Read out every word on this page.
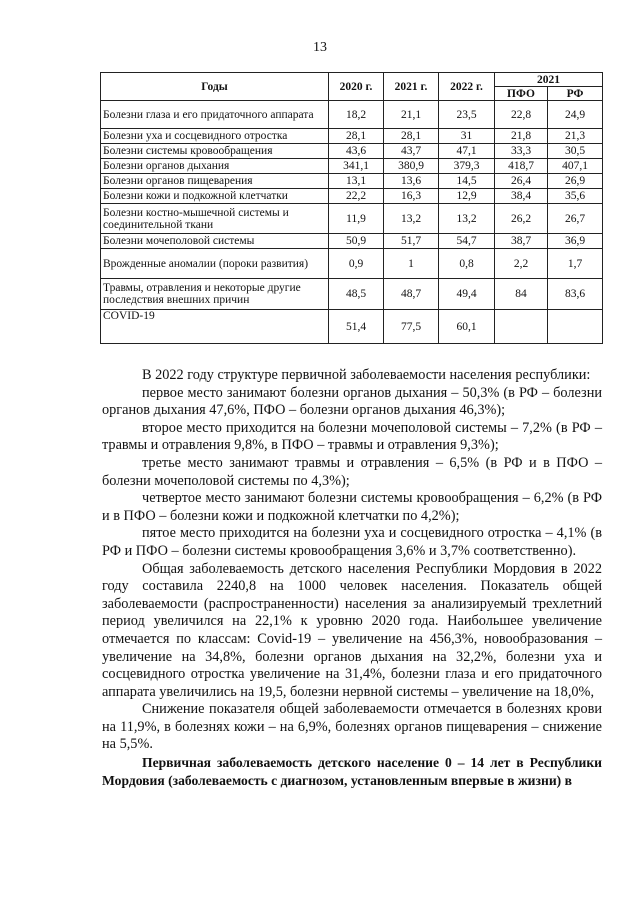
13
Годы	2020 г.	2021 г.	2022 г.	2021	
				ПФО	РФ
Болезни глаза и его придаточного аппарата	18,2	21,1	23,5	22,8	24,9
Болезни уха и сосцевидного отростка	28,1	28,1	31	21,8	21,3
Болезни системы кровообращения	43,6	43,7	47,1	33,3	30,5
Болезни органов дыхания	341,1	380,9	379,3	418,7	407,1
Болезни органов пищеварения	13,1	13,6	14,5	26,4	26,9
Болезни кожи и подкожной клетчатки	22,2	16,3	12,9	38,4	35,6
Болезни костно-мышечной системы и соединительной ткани	11,9	13,2	13,2	26,2	26,7
Болезни мочеполовой системы	50,9	51,7	54,7	38,7	36,9
Врожденные аномалии (пороки развития)	0,9	1	0,8	2,2	1,7
Травмы, отравления и некоторые другие последствия внешних причин	48,5	48,7	49,4	84	83,6
COVID-19	51,4	77,5	60,1		

В 2022 году структуре первичной заболеваемости населения республики:

первое место занимают болезни органов дыхания – 50,3% (в РФ – болезни органов дыхания 47,6%, ПФО – болезни органов дыхания 46,3%);

второе место приходится на болезни мочеполовой системы – 7,2% (в РФ – травмы и отравления 9,8%, в ПФО – травмы и отравления 9,3%);

третье место занимают травмы и отравления – 6,5% (в РФ и в ПФО – болезни мочеполовой системы по 4,3%);

четвертое место занимают болезни системы кровообращения – 6,2% (в РФ и в ПФО – болезни кожи и подкожной клетчатки по 4,2%);

пятое место приходится на болезни уха и сосцевидного отростка – 4,1% (в РФ и ПФО – болезни системы кровообращения 3,6% и 3,7% соответственно).

Общая заболеваемость детского населения Республики Мордовия в 2022 году составила 2240,8 на 1000 человек населения. Показатель общей заболеваемости (распространенности) населения за анализируемый трехлетний период увеличился на 22,1% к уровню 2020 года. Наибольшее увеличение отмечается по классам: Covid-19 – увеличение на 456,3%, новообразования – увеличение на 34,8%, болезни органов дыхания на 32,2%, болезни уха и сосцевидного отростка увеличение на 31,4%, болезни глаза и его придаточного аппарата увеличились на 19,5, болезни нервной системы – увеличение на 18,0%,

Снижение показателя общей заболеваемости отмечается в болезнях крови на 11,9%, в болезнях кожи – на 6,9%, болезнях органов пищеварения – снижение на 5,5%.

Первичная заболеваемость детского население 0 – 14 лет в Республики Мордовия (заболеваемость с диагнозом, установленным впервые в жизни) в
